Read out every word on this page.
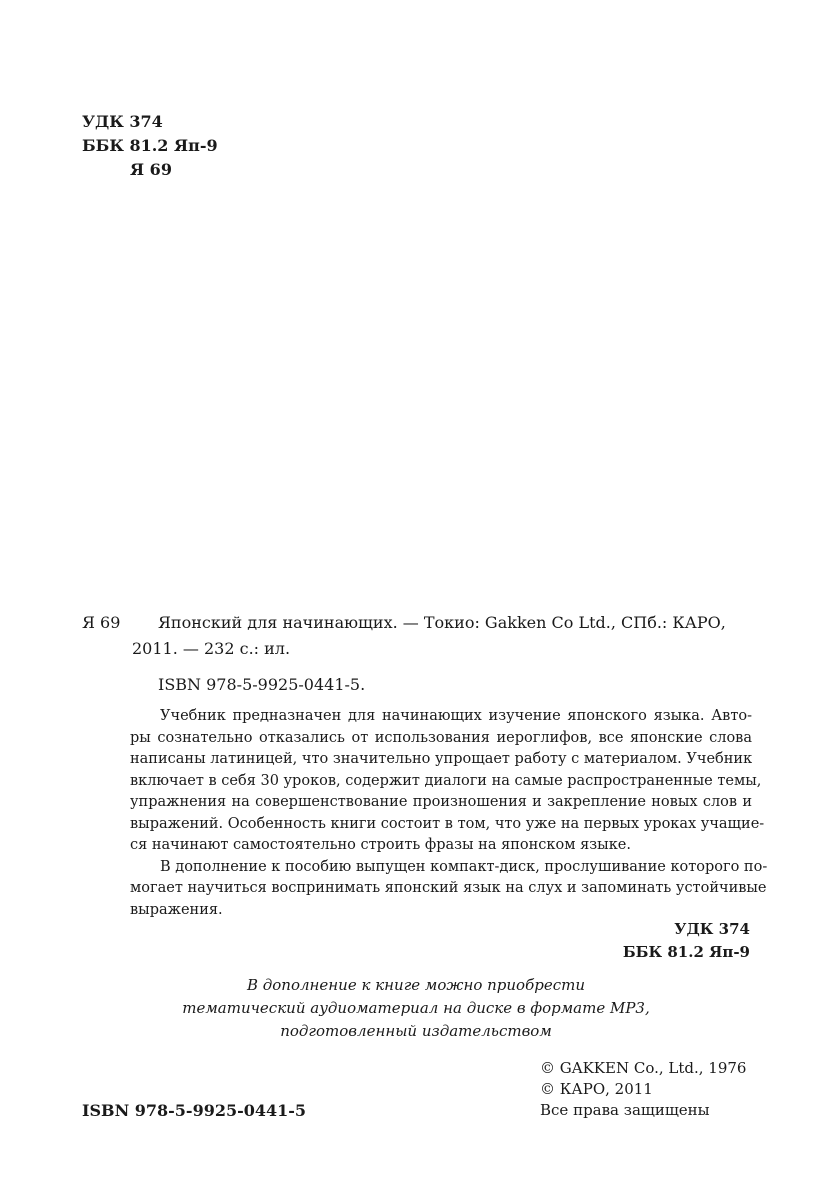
УДК 374
ББК 81.2 Яп-9
Я 69
Я 69	Японский для начинающих. — Токио: Gakken Co Ltd., СПб.: КАРО,
2011. — 232 с.: ил.
ISBN 978-5-9925-0441-5.
Учебник предназначен для начинающих изучение японского языка. Авто-
ры сознательно отказались от использования иероглифов, все японские слова
написаны латиницей, что значительно упрощает работу с материалом. Учебник
включает в себя 30 уроков, содержит диалоги на самые распространенные темы,
упражнения на совершенствование произношения и закрепление новых слов и
выражений. Особенность книги состоит в том, что уже на первых уроках учащие-
ся начинают самостоятельно строить фразы на японском языке.
В дополнение к пособию выпущен компакт-диск, прослушивание которого по-
могает научиться воспринимать японский язык на слух и запоминать устойчивые
выражения.
УДК 374
ББК 81.2 Яп-9
В дополнение к книге можно приобрести
тематический аудиоматериал на диске в формате МР3,
подготовленный издательством
© GAKKEN Co., Ltd., 1976
© КАРО, 2011
Все права защищены
ISBN 978-5-9925-0441-5
